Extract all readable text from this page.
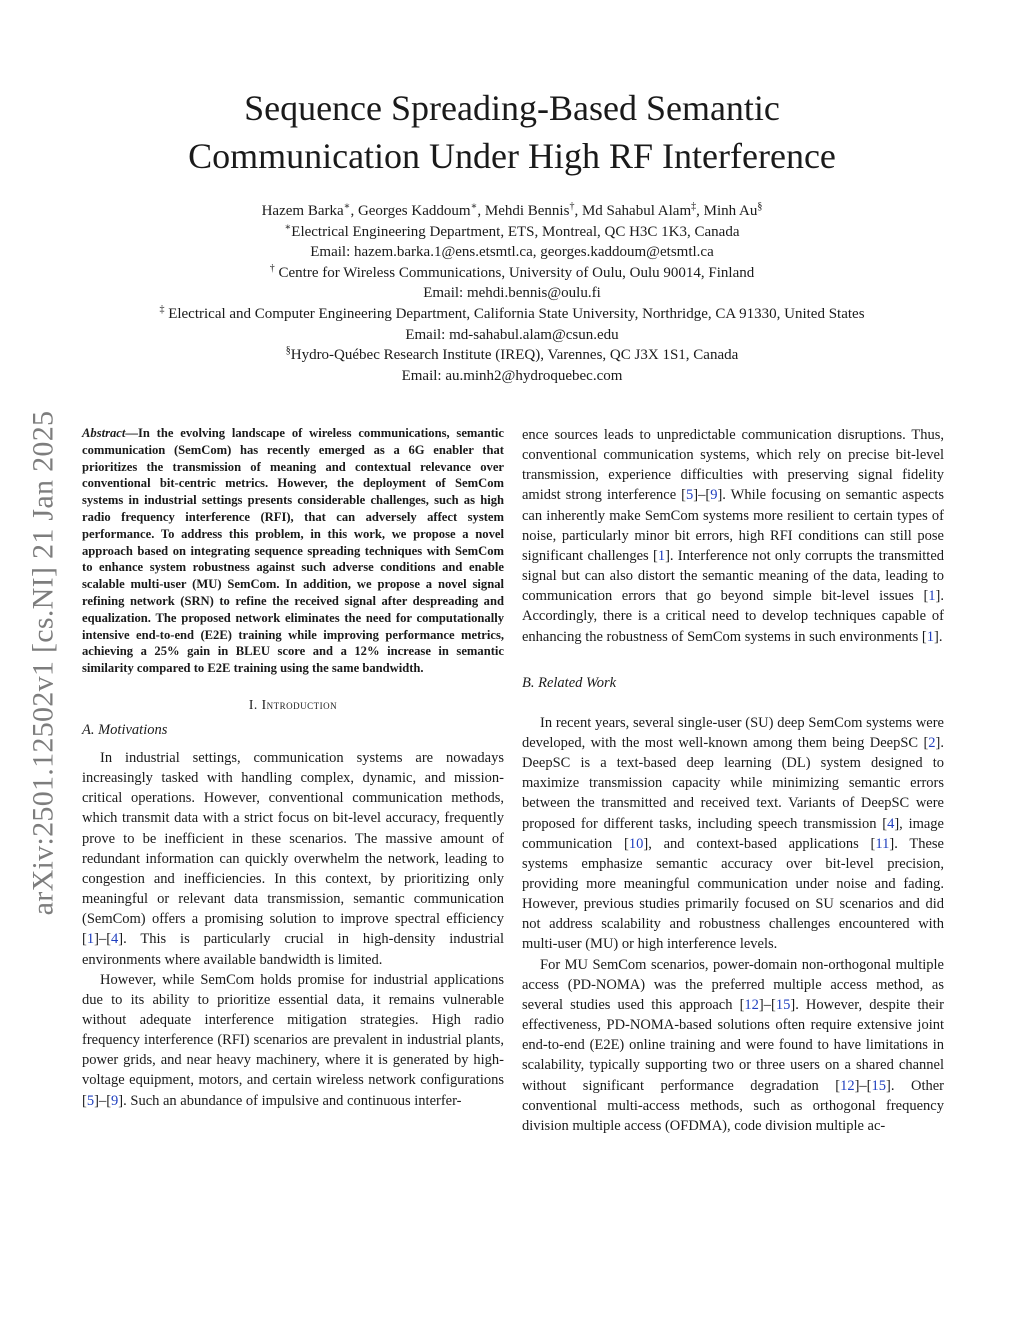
arXiv:2501.12502v1 [cs.NI] 21 Jan 2025
Sequence Spreading-Based Semantic
Communication Under High RF Interference
Hazem Barka∗, Georges Kaddoum∗, Mehdi Bennis†, Md Sahabul Alam‡, Minh Au§
∗Electrical Engineering Department, ETS, Montreal, QC H3C 1K3, Canada
Email: hazem.barka.1@ens.etsmtl.ca, georges.kaddoum@etsmtl.ca
† Centre for Wireless Communications, University of Oulu, Oulu 90014, Finland
Email: mehdi.bennis@oulu.fi
‡ Electrical and Computer Engineering Department, California State University, Northridge, CA 91330, United States
Email: md-sahabul.alam@csun.edu
§Hydro-Québec Research Institute (IREQ), Varennes, QC J3X 1S1, Canada
Email: au.minh2@hydroquebec.com

Abstract—In the evolving landscape of wireless communications, semantic communication (SemCom) has recently emerged as a 6G enabler that prioritizes the transmission of meaning and contextual relevance over conventional bit-centric metrics. However, the deployment of SemCom systems in industrial settings presents considerable challenges, such as high radio frequency interference (RFI), that can adversely affect system performance. To address this problem, in this work, we propose a novel approach based on integrating sequence spreading techniques with SemCom to enhance system robustness against such adverse conditions and enable scalable multi-user (MU) SemCom. In addition, we propose a novel signal refining network (SRN) to refine the received signal after despreading and equalization. The proposed network eliminates the need for computationally intensive end-to-end (E2E) training while improving performance metrics, achieving a 25% gain in BLEU score and a 12% increase in semantic similarity compared to E2E training using the same bandwidth.

I. Introduction
A. Motivations

In industrial settings, communication systems are nowadays increasingly tasked with handling complex, dynamic, and mission-critical operations. However, conventional communication methods, which transmit data with a strict focus on bit-level accuracy, frequently prove to be inefficient in these scenarios. The massive amount of redundant information can quickly overwhelm the network, leading to congestion and inefficiencies. In this context, by prioritizing only meaningful or relevant data transmission, semantic communication (SemCom) offers a promising solution to improve spectral efficiency [1]–[4]. This is particularly crucial in high-density industrial environments where available bandwidth is limited.

However, while SemCom holds promise for industrial applications due to its ability to prioritize essential data, it remains vulnerable without adequate interference mitigation strategies. High radio frequency interference (RFI) scenarios are prevalent in industrial plants, power grids, and near heavy machinery, where it is generated by high-voltage equipment, motors, and certain wireless network configurations [5]–[9]. Such an abundance of impulsive and continuous interfer-

ence sources leads to unpredictable communication disruptions. Thus, conventional communication systems, which rely on precise bit-level transmission, experience difficulties with preserving signal fidelity amidst strong interference [5]–[9]. While focusing on semantic aspects can inherently make SemCom systems more resilient to certain types of noise, particularly minor bit errors, high RFI conditions can still pose significant challenges [1]. Interference not only corrupts the transmitted signal but can also distort the semantic meaning of the data, leading to communication errors that go beyond simple bit-level issues [1]. Accordingly, there is a critical need to develop techniques capable of enhancing the robustness of SemCom systems in such environments [1].

B. Related Work

In recent years, several single-user (SU) deep SemCom systems were developed, with the most well-known among them being DeepSC [2]. DeepSC is a text-based deep learning (DL) system designed to maximize transmission capacity while minimizing semantic errors between the transmitted and received text. Variants of DeepSC were proposed for different tasks, including speech transmission [4], image communication [10], and context-based applications [11]. These systems emphasize semantic accuracy over bit-level precision, providing more meaningful communication under noise and fading. However, previous studies primarily focused on SU scenarios and did not address scalability and robustness challenges encountered with multi-user (MU) or high interference levels.

For MU SemCom scenarios, power-domain non-orthogonal multiple access (PD-NOMA) was the preferred multiple access method, as several studies used this approach [12]–[15]. However, despite their effectiveness, PD-NOMA-based solutions often require extensive joint end-to-end (E2E) online training and were found to have limitations in scalability, typically supporting two or three users on a shared channel without significant performance degradation [12]–[15]. Other conventional multi-access methods, such as orthogonal frequency division multiple access (OFDMA), code division multiple ac-
